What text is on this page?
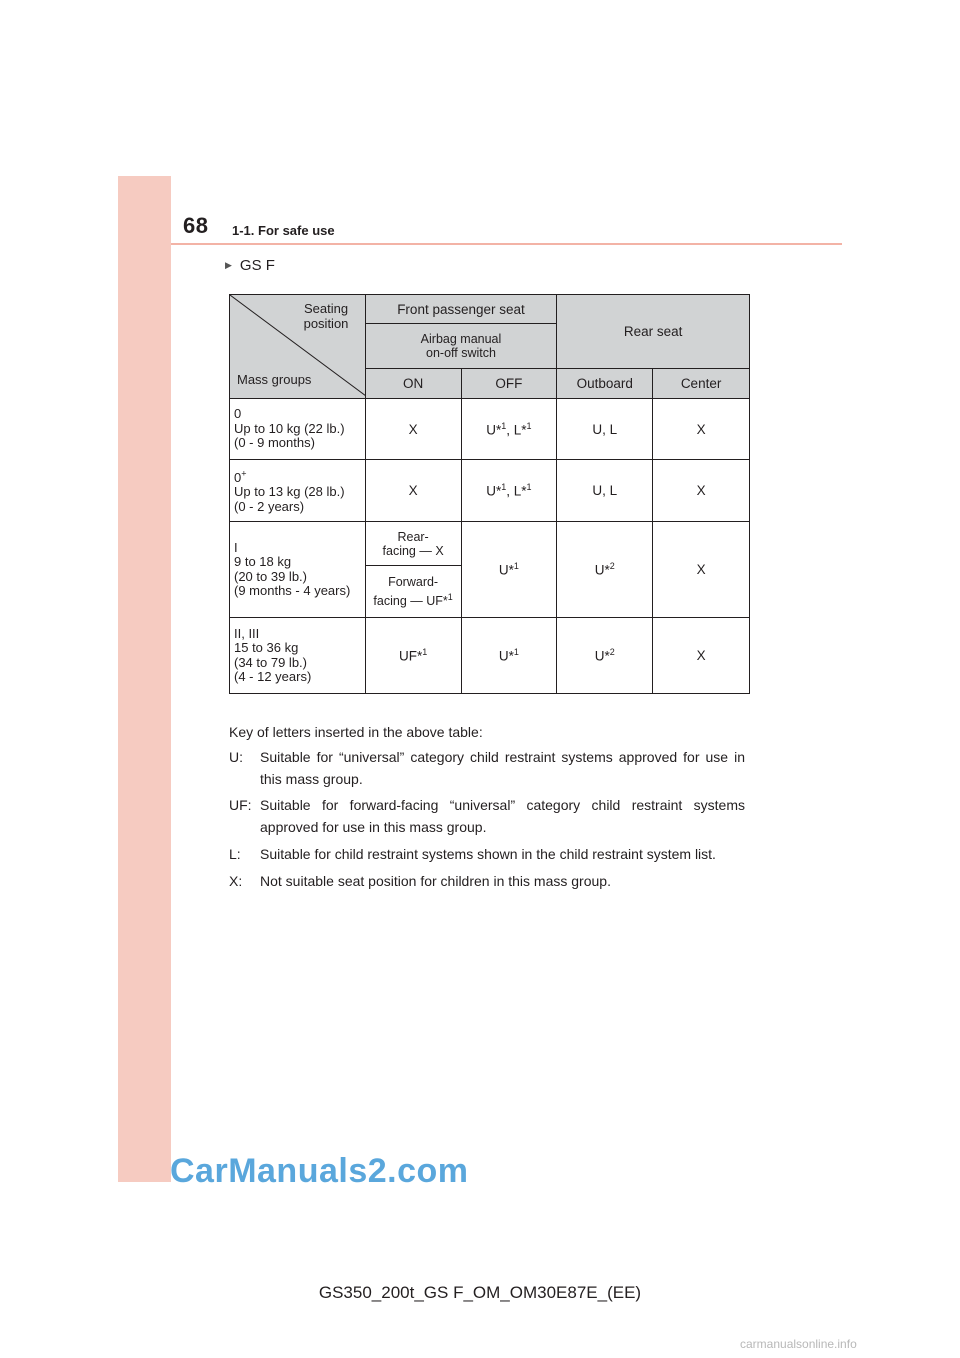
68 1-1. For safe use
▶ GS F
Seating
position
Mass groups	Front passenger seat		Rear seat	
	Airbag manual
on-off switch			
	ON	OFF	Outboard	Center
0
Up to 10 kg (22 lb.)
(0 - 9 months)	X	U*$^1$, L*$^1$	U, L	X
0+
Up to 13 kg (28 lb.)
(0 - 2 years)	X	U*$^1$, L*$^1$	U, L	X
I
9 to 18 kg
(20 to 39 lb.)
(9 months - 4 years)	Rear-
facing — X	U*$^1$	U*$^2$	X
	Forward-
facing — UF*$^1$
II, III
15 to 36 kg
(34 to 79 lb.)
(4 - 12 years)	UF*$^1$	U*$^1$	U*$^2$	X
Key of letters inserted in the above table:
U: Suitable for “universal” category child restraint systems approved for use in this mass group.
UF: Suitable for forward-facing “universal” category child restraint systems approved for use in this mass group.
L: Suitable for child restraint systems shown in the child restraint system list.
X: Not suitable seat position for children in this mass group.
CarManuals2.com
GS350_200t_GS F_OM_OM30E87E_(EE)
carmanualsonline.info
